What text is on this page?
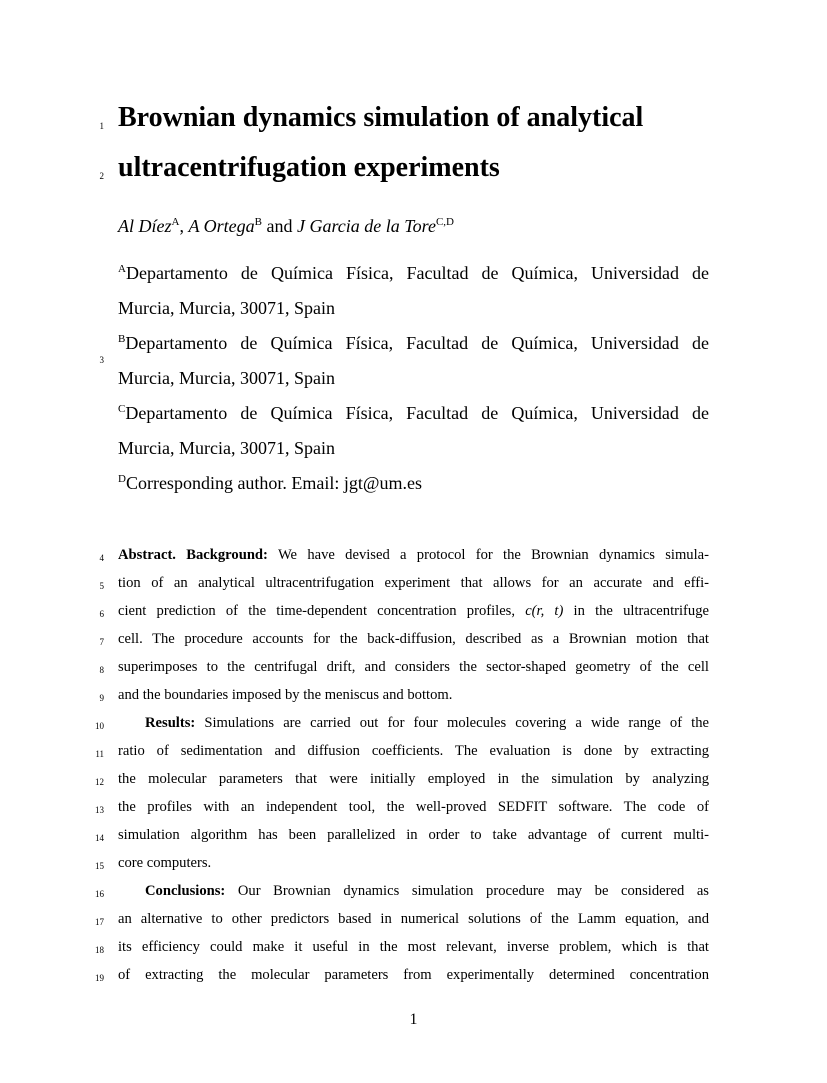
1
2
3
4
5
6
7
8
9
10
11
12
13
14
15
16
17
18
19
Brownian dynamics simulation of analytical
ultracentrifugation experiments
Al Díez$^A$, A Ortega$^B$ and J Garcia de la Tore$^{C,D}$
$^A$Departamento de Química Física, Facultad de Química, Universidad de
Murcia, Murcia, 30071, Spain
$^B$Departamento de Química Física, Facultad de Química, Universidad de
Murcia, Murcia, 30071, Spain
$^C$Departamento de Química Física, Facultad de Química, Universidad de
Murcia, Murcia, 30071, Spain
$^D$Corresponding author. Email: jgt@um.es
Abstract. Background: We have devised a protocol for the Brownian dynamics simula-
tion of an analytical ultracentrifugation experiment that allows for an accurate and effi-
cient prediction of the time-dependent concentration profiles, c(r, t) in the ultracentrifuge
cell. The procedure accounts for the back-diffusion, described as a Brownian motion that
superimposes to the centrifugal drift, and considers the sector-shaped geometry of the cell
and the boundaries imposed by the meniscus and bottom.
Results: Simulations are carried out for four molecules covering a wide range of the
ratio of sedimentation and diffusion coefficients. The evaluation is done by extracting
the molecular parameters that were initially employed in the simulation by analyzing
the profiles with an independent tool, the well-proved SEDFIT software. The code of
simulation algorithm has been parallelized in order to take advantage of current multi-
core computers.
Conclusions: Our Brownian dynamics simulation procedure may be considered as
an alternative to other predictors based in numerical solutions of the Lamm equation, and
its efficiency could make it useful in the most relevant, inverse problem, which is that
of extracting the molecular parameters from experimentally determined concentration
1
